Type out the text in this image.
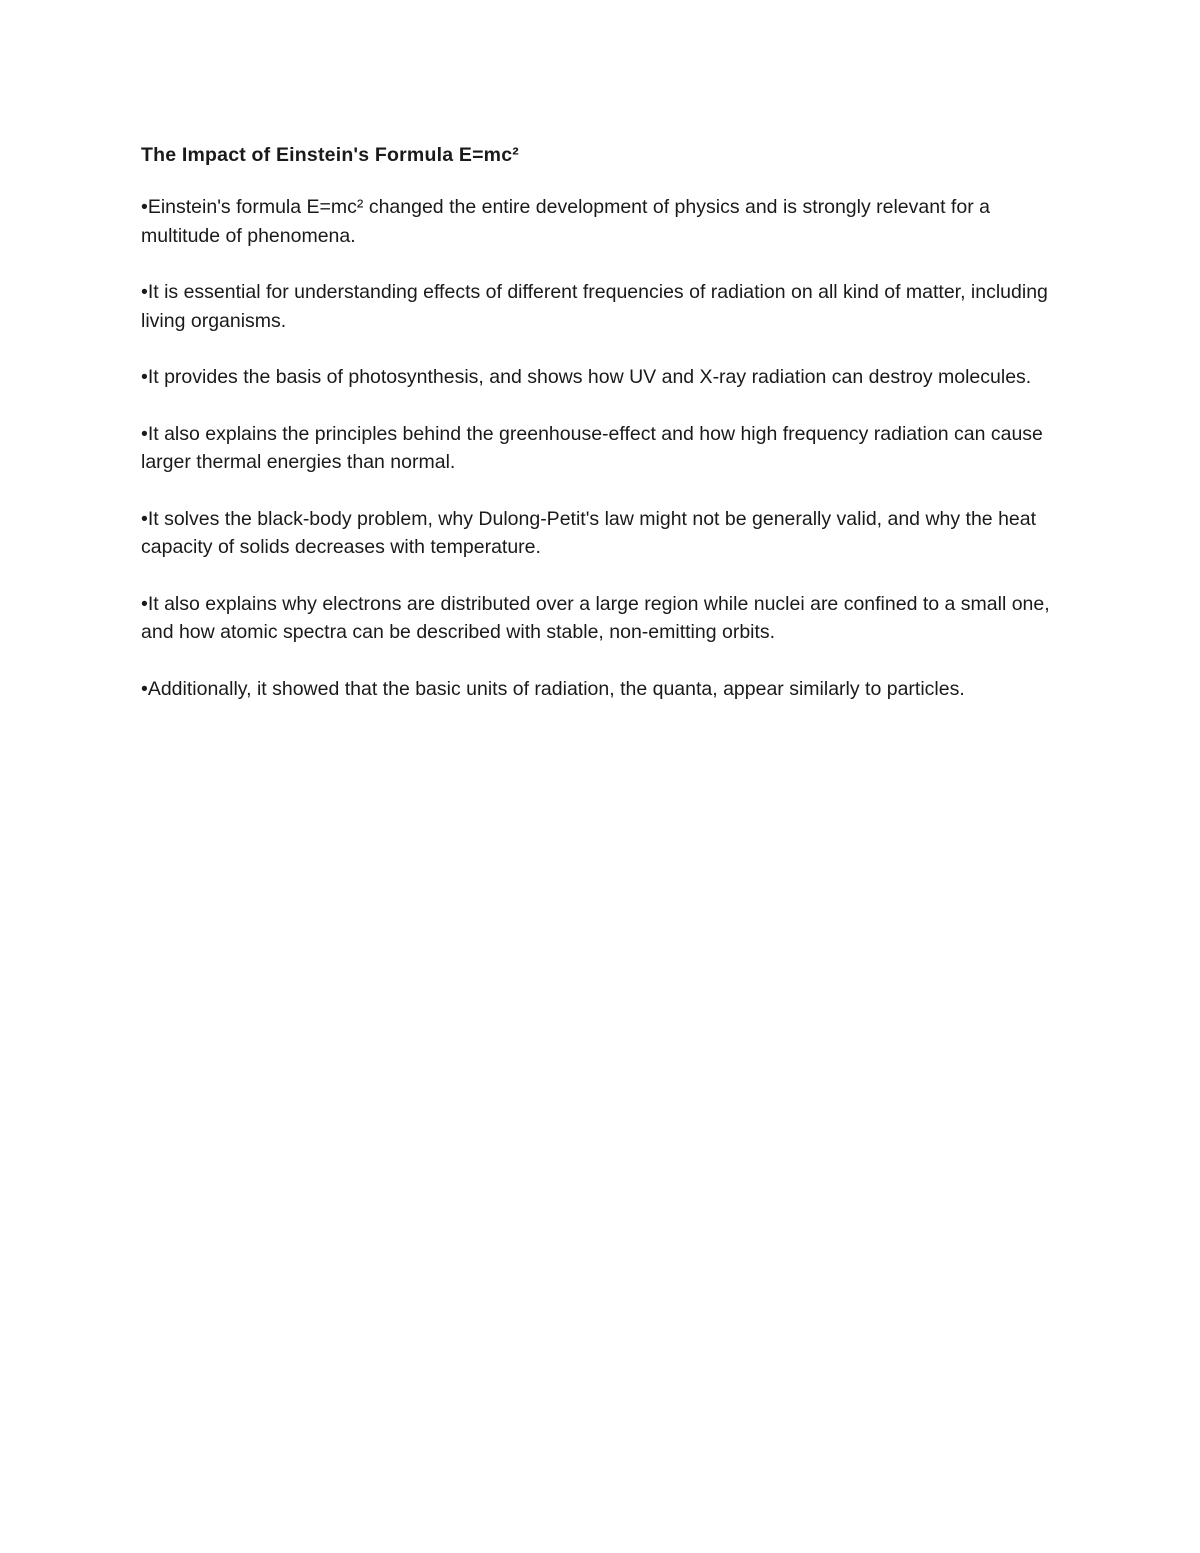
The Impact of Einstein's Formula E=mc²

•Einstein's formula E=mc² changed the entire development of physics and is strongly relevant for a multitude of phenomena.

•It is essential for understanding effects of different frequencies of radiation on all kind of matter, including living organisms.

•It provides the basis of photosynthesis, and shows how UV and X-ray radiation can destroy molecules.

•It also explains the principles behind the greenhouse-effect and how high frequency radiation can cause larger thermal energies than normal.

•It solves the black-body problem, why Dulong-Petit's law might not be generally valid, and why the heat capacity of solids decreases with temperature.

•It also explains why electrons are distributed over a large region while nuclei are confined to a small one, and how atomic spectra can be described with stable, non-emitting orbits.

•Additionally, it showed that the basic units of radiation, the quanta, appear similarly to particles.
